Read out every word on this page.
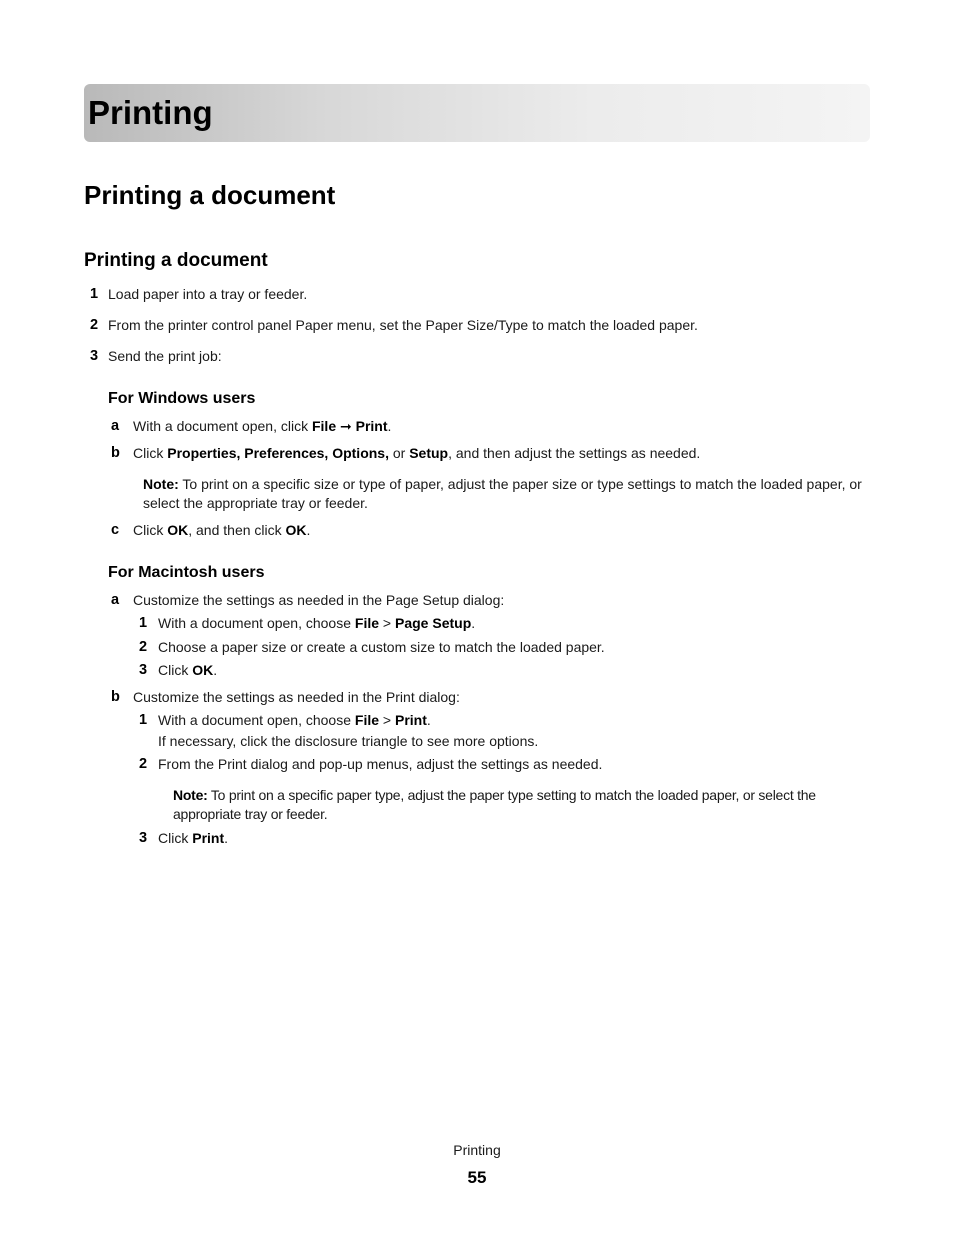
Printing
Printing a document
Printing a document
1 Load paper into a tray or feeder.
2 From the printer control panel Paper menu, set the Paper Size/Type to match the loaded paper.
3 Send the print job:
For Windows users
a With a document open, click File ➞ Print.
b Click Properties, Preferences, Options, or Setup, and then adjust the settings as needed.
Note: To print on a specific size or type of paper, adjust the paper size or type settings to match the loaded paper, or select the appropriate tray or feeder.
c Click OK, and then click OK.
For Macintosh users
a Customize the settings as needed in the Page Setup dialog:
1 With a document open, choose File > Page Setup.
2 Choose a paper size or create a custom size to match the loaded paper.
3 Click OK.
b Customize the settings as needed in the Print dialog:
1 With a document open, choose File > Print.
If necessary, click the disclosure triangle to see more options.
2 From the Print dialog and pop-up menus, adjust the settings as needed.
Note: To print on a specific paper type, adjust the paper type setting to match the loaded paper, or select the appropriate tray or feeder.
3 Click Print.
Printing
55
